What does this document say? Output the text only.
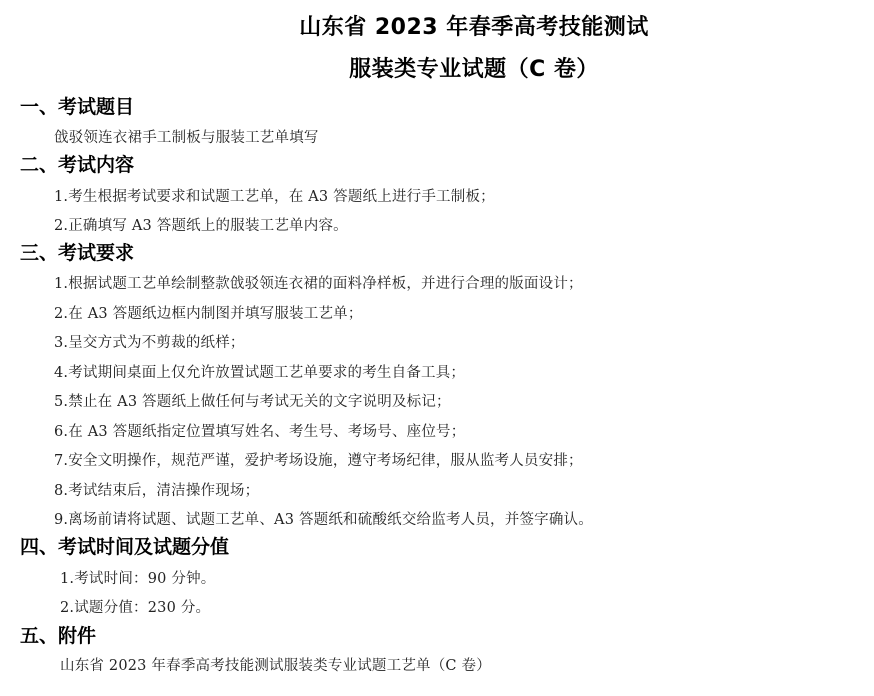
山东省 2023 年春季高考技能测试
服装类专业试题（C 卷）
一、考试题目
戗驳领连衣裙手工制板与服装工艺单填写
二、考试内容
1.考生根据考试要求和试题工艺单，在 A3 答题纸上进行手工制板；
2.正确填写 A3 答题纸上的服装工艺单内容。
三、考试要求
1.根据试题工艺单绘制整款戗驳领连衣裙的面料净样板，并进行合理的版面设计；
2.在 A3 答题纸边框内制图并填写服装工艺单；
3.呈交方式为不剪裁的纸样；
4.考试期间桌面上仅允许放置试题工艺单要求的考生自备工具；
5.禁止在 A3 答题纸上做任何与考试无关的文字说明及标记；
6.在 A3 答题纸指定位置填写姓名、考生号、考场号、座位号；
7.安全文明操作，规范严谨，爱护考场设施，遵守考场纪律，服从监考人员安排；
8.考试结束后，清洁操作现场；
9.离场前请将试题、试题工艺单、A3 答题纸和硫酸纸交给监考人员，并签字确认。
四、考试时间及试题分值
1.考试时间：90 分钟。
2.试题分值：230 分。
五、附件
山东省 2023 年春季高考技能测试服装类专业试题工艺单（C 卷）
